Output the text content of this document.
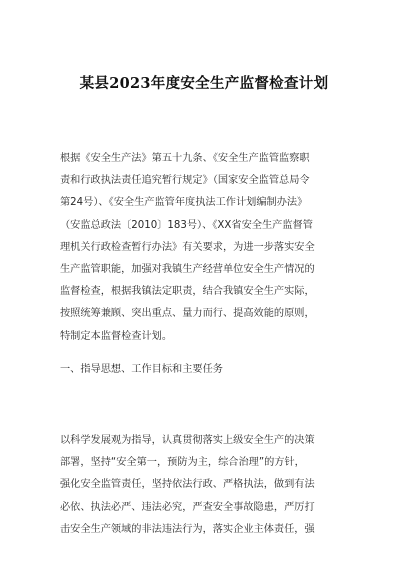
某县2023年度安全生产监督检查计划

根据《安全生产法》第五十九条、《安全生产监管监察职

责和行政执法责任追究暂行规定》（国家安全监管总局令

第24号）、《安全生产监管年度执法工作计划编制办法》

（安监总政法〔2010〕183号）、《XX省安全生产监督管

理机关行政检查暂行办法》有关要求，为进一步落实安全

生产监管职能，加强对我镇生产经营单位安全生产情况的

监督检查，根据我镇法定职责，结合我镇安全生产实际，

按照统筹兼顾、突出重点、量力而行、提高效能的原则，

特制定本监督检查计划。

一、指导思想、工作目标和主要任务

以科学发展观为指导，认真贯彻落实上级安全生产的决策

部署，坚持“安全第一，预防为主，综合治理”的方针，

强化安全监管责任，坚持依法行政、严格执法，做到有法

必依、执法必严、违法必究，严查安全事故隐患，严厉打

击安全生产领域的非法违法行为，落实企业主体责任，强
